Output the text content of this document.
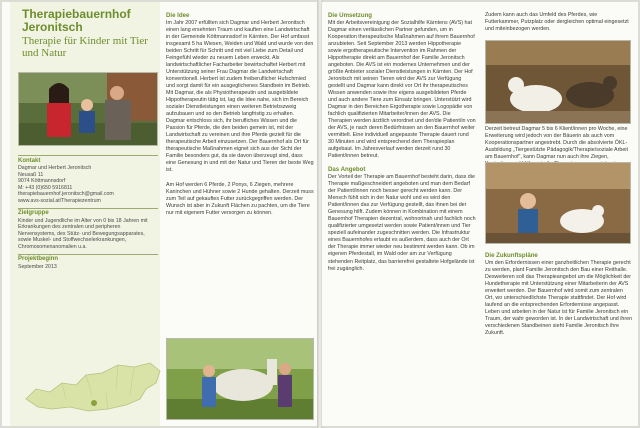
Therapiebauernhof Jeronitsch
Therapie für Kinder mit Tier und Natur
Kontakt
Dagmar und Herbert Jeronitsch
Neusaß 11
9074 Köttmannsdorf
M: +43 (0)650 5916811
therapiebauernhof.jeronitsch@gmail.com
www.avs-sozial.at/Therapiezentrum
Zielgruppe
Kinder und Jugendliche im Alter von 0 bis 18 Jahren mit Erkrankungen des zentralen und peripheren Nervensystems, des Stütz- und Bewegungsapparates, sowie Muskel- und Stoffwechselerkrankungen, Chromosomenanomalien u.a.
Projektbeginn
September 2013
Die Idee

Im Jahr 2007 erfüllten sich Dagmar und Herbert Jeronitsch einen lang ersehnten Traum und kauften eine Landwirtschaft in der Gemeinde Köttmannsdorf in Kärnten. Der Hof umfasst insgesamt 5 ha Wiesen, Weiden und Wald und wurde von den beiden Schritt für Schritt und mit viel Liebe zum Detail und Feingefühl wieder zu neuem Leben erweckt. Als landwirtschaftlicher Facharbeiter bewirtschaftet Herbert mit Unterstützung seiner Frau Dagmar die Landwirtschaft konventionell. Herbert ist zudem freiberuflicher Hufschmied und sorgt damit für ein ausgeglichenes Standbein im Betrieb. Mit Dagmar, die als Physiotherapeutin und ausgebildete Hippotherapeutin tätig ist, lag die Idee nahe, sich im Bereich sozialer Dienstleistungen einen weiteren Betriebszweig aufzubauen und so den Betrieb langfristig zu erhalten. Dagmar entschloss sich, ihr berufliches Wissen und die Passion für Pferde, die den beiden gemein ist, mit der Landwirtschaft zu vereinen und ihre Pferde gezielt für die therapeutische Arbeit einzusetzen. Der Bauernhof als Ort für therapeutische Maßnahmen eignet sich aus der Sicht der Familie besonders gut, da sie davon überzeugt sind, dass eine Genesung in und mit der Natur und Tieren der beste Weg ist.

Am Hof werden 6 Pferde, 2 Ponys, 6 Ziegen, mehrere Kaninchen und Hühner sowie 2 Hunde gehalten. Derzeit muss zum Teil auf gekauftes Futter zurückgegriffen werden. Der Wunsch ist aber in Zukunft Flächen zu pachten, um die Tiere nur mit eigenem Futter versorgen zu können.

Die Umsetzung

Mit der Arbeitsvereinigung der Sozialhilfe Kärntens (AVS) hat Dagmar einen verlässlichen Partner gefunden, um in Kooperation therapeutische Maßnahmen auf ihrem Bauernhof anzubieten. Seit September 2013 werden Hippotherapie sowie ergotherapeutische Intervention im Rahmen der Hippotherapie direkt am Bauernhof der Familie Jeronitsch angeboten. Die AVS ist ein modernes Unternehmen und der größte Anbieter sozialer Dienstleistungen in Kärnten. Der Hof Jeronitsch mit seinen Tieren wird der AVS zur Verfügung gestellt und Dagmar kann direkt vor Ort ihr therapeutisches Wissen anwenden sowie ihre eigens ausgebildeten Pferde und auch andere Tiere zum Einsatz bringen. Unterstützt wird Dagmar in den Bereichen Ergotherapie sowie Logopädie von fachlich qualifizierten Mitarbeiter/innen der AVS. Die Therapien werden ärztlich verordnet und der/die Patient/in von der AVS, je nach deren Bedürfnissen an den Bauernhof weiter vermittelt. Eine individuell angepasste Therapie dauert rund 30 Minuten und wird entsprechend dem Therapieplan aufgebaut. Im Jahresverlauf werden derzeit rund 30 Patient/innen betreut.

Das Angebot

Der Vorteil der Therapie am Bauernhof besteht darin, dass die Therapie maßgeschneidert angeboten und man dem Bedarf der Patient/innen noch besser gerecht werden kann. Der Mensch fühlt sich in der Natur wohl und es wird den Patient/innen das zur Verfügung gestellt, das ihnen bei der Genesung hilft. Zudem können in Kombination mit einem Bauernhof Therapien dezentral, wohnortnah und fachlich noch qualifizierter umgesetzt werden sowie Patient/innen und Tier speziell aufeinander zugeschnitten werden. Die Infrastruktur eines Bauernhofes erlaubt es außerdem, dass auch der Ort der Therapie immer wieder neu bestimmt werden kann. Ob im eigenen Pferdestall, im Wald oder am zur Verfügung stehenden Reitplatz, das barrierefrei gestaltete Hofgelände ist frei zugänglich.

Zudem kann auch das Umfeld des Pferdes, wie Futterkammer, Putzplatz oder dergleichen optimal eingesetzt und miteinbezogen werden.

Derzeit betreut Dagmar 5 bis 6 Klient/innen pro Woche, eine Erweiterung wird jedoch von der Bäuerin als auch vom Kooperationspartner angestrebt. Durch die absolvierte ÖKL-Ausbildung „Tiergestützte Pädagogik/Therapie/soziale Arbeit am Bauernhof“, kann Dagmar nun auch ihre Ziegen,

Die Zukunftspläne

Um den Erfordernissen einer ganzheitlichen Therapie gerecht zu werden, plant Familie Jeronitsch den Bau einer Reithalle. Desweiteren soll das Therapieangebot um die Möglichkeit der Hundetherapie mit Unterstützung einer Mitarbeiterin der AVS erweitert werden. Der Bauernhof wird somit zum zentralen Ort, wo unterschiedlichste Therapie stattfindet. Der Hof wird laufend an die entsprechenden Erfordernisse angepasst. Leben und arbeiten in der Natur ist für Familie Jeronitsch ein Traum, der wahr geworden ist. In der Landwirtschaft und ihren verschiedenen Standbeinen sieht Familie Jeronitsch ihre Zukunft.
